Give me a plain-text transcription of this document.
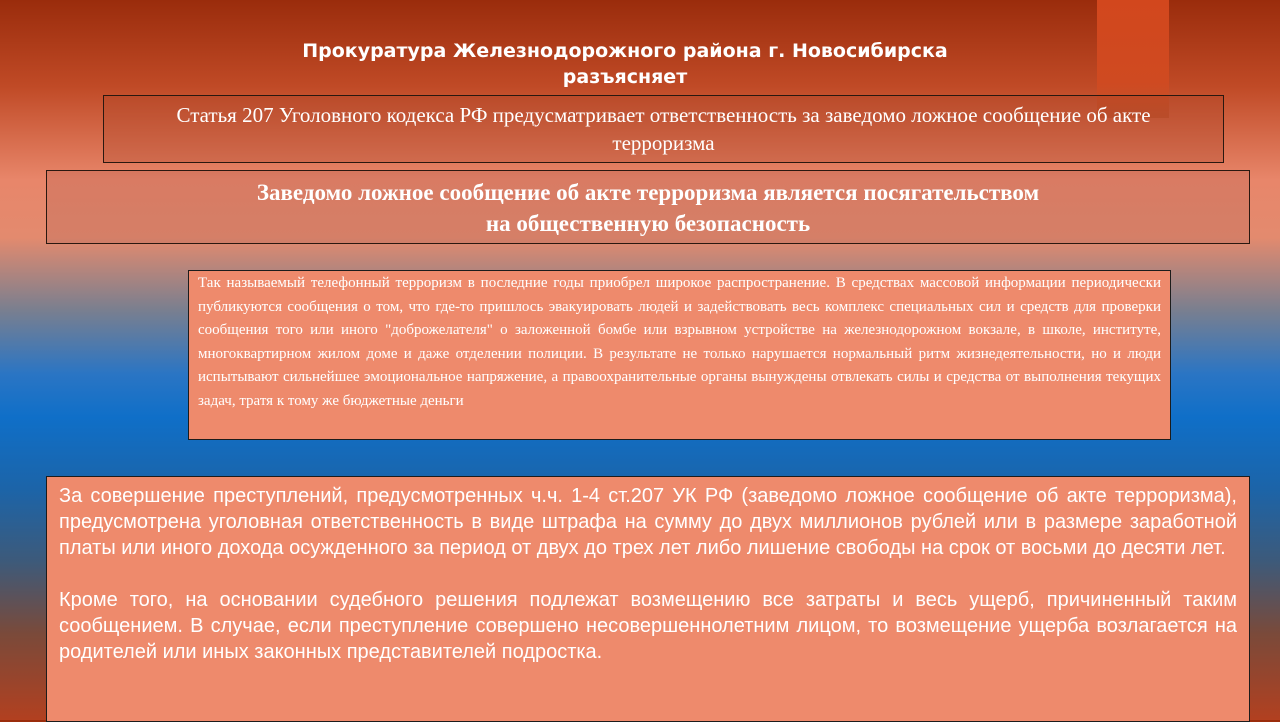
Прокуратура Железнодорожного района г. Новосибирска
разъясняет
Статья 207 Уголовного кодекса РФ предусматривает ответственность за заведомо ложное сообщение об акте терроризма
Заведомо ложное сообщение об акте терроризма является посягательством
на общественную безопасность
Так называемый телефонный терроризм в последние годы приобрел широкое распространение. В средствах массовой информации периодически публикуются сообщения о том, что где-то пришлось эвакуировать людей и задействовать весь комплекс специальных сил и средств для проверки сообщения того или иного "доброжелателя" о заложенной бомбе или взрывном устройстве на железнодорожном вокзале, в школе, институте, многоквартирном жилом доме и даже отделении полиции. В результате не только нарушается нормальный ритм жизнедеятельности, но и люди испытывают сильнейшее эмоциональное напряжение, а правоохранительные органы вынуждены отвлекать силы и средства от выполнения текущих задач, тратя к тому же бюджетные деньги

За совершение преступлений, предусмотренных ч.ч. 1-4 ст.207 УК РФ (заведомо ложное сообщение об акте терроризма), предусмотрена уголовная ответственность в виде штрафа на сумму до двух миллионов рублей или в размере заработной платы или иного дохода осужденного за период от двух до трех лет либо лишение свободы на срок от восьми до десяти лет.

Кроме того, на основании судебного решения подлежат возмещению все затраты и весь ущерб, причиненный таким сообщением. В случае, если преступление совершено несовершеннолетним лицом, то возмещение ущерба возлагается на родителей или иных законных представителей подростка.
